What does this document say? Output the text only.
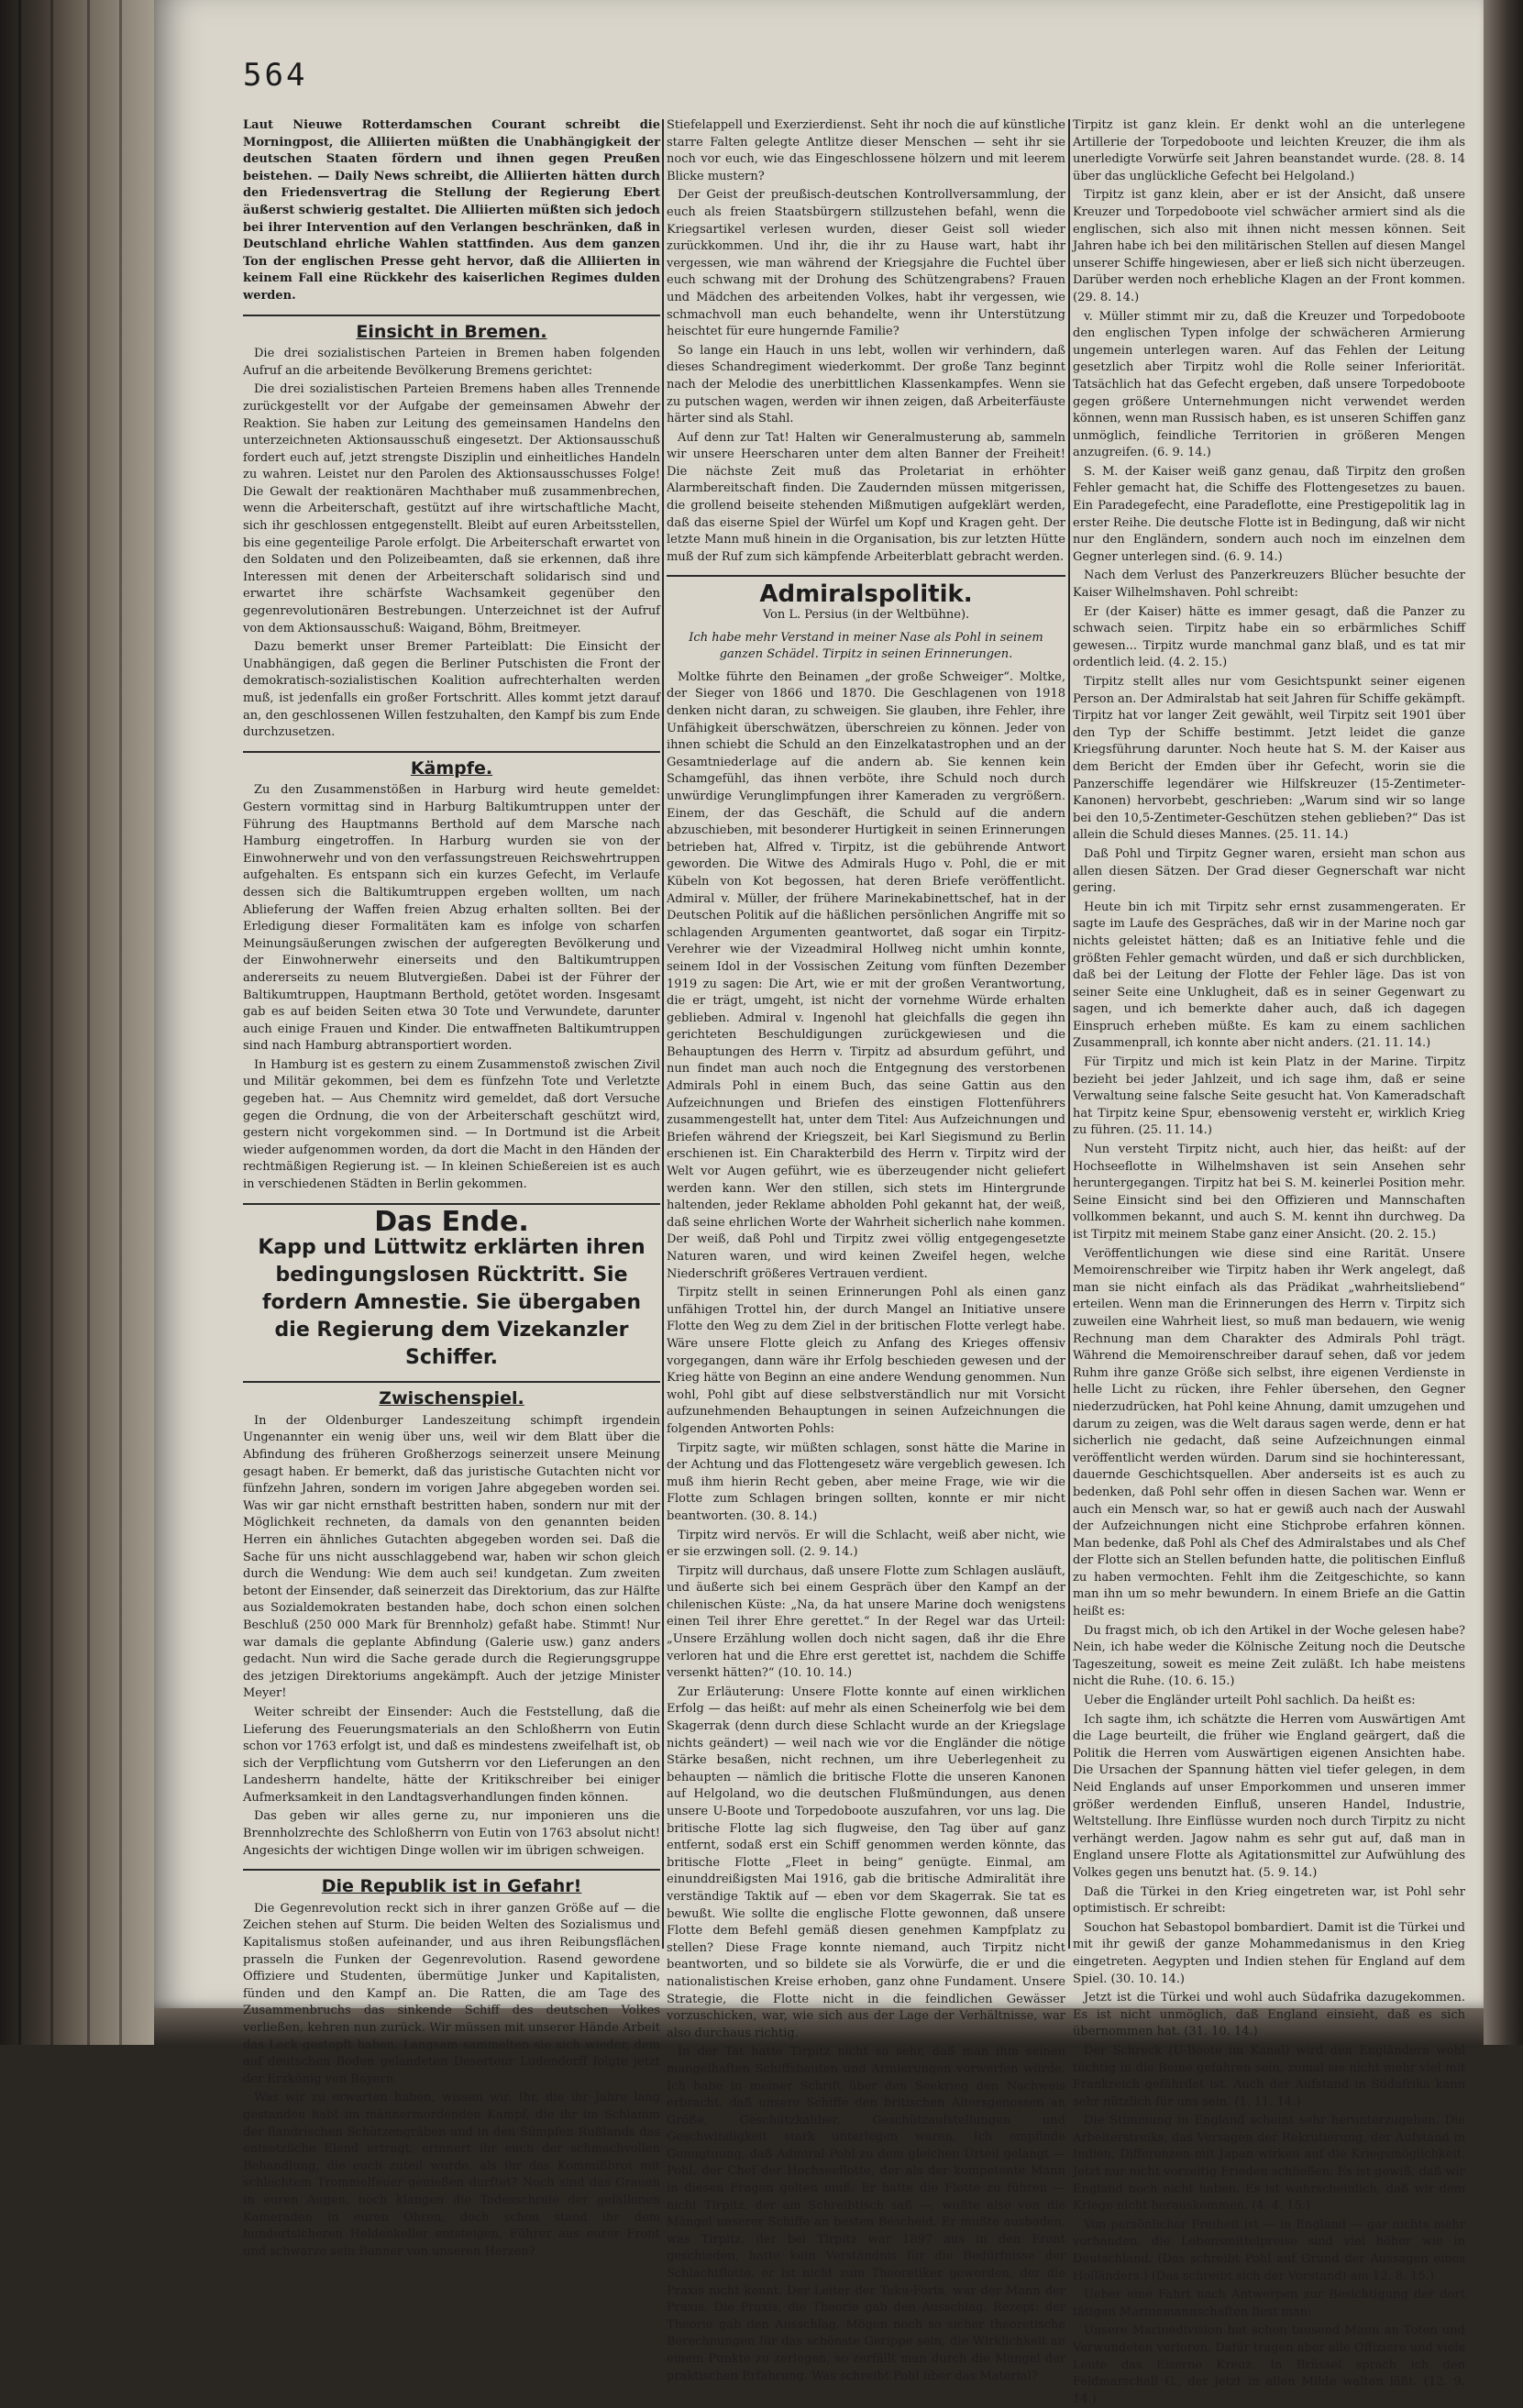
564

Laut Nieuwe Rotterdamschen Courant schreibt die Morningpost, die Alliierten müßten die Unabhängigkeit der deutschen Staaten fördern und ihnen gegen Preußen beistehen. — Daily News schreibt, die Alliierten hätten durch den Friedensvertrag die Stellung der Regierung Ebert äußerst schwierig gestaltet. Die Alliierten müßten sich jedoch bei ihrer Intervention auf den Verlangen beschränken, daß in Deutschland ehrliche Wahlen stattfinden. Aus dem ganzen Ton der englischen Presse geht hervor, daß die Alliierten in keinem Fall eine Rückkehr des kaiserlichen Regimes dulden werden.

Einsicht in Bremen.

Die drei sozialistischen Parteien in Bremen haben folgenden Aufruf an die arbeitende Bevölkerung Bremens gerichtet:

Die drei sozialistischen Parteien Bremens haben alles Trennende zurückgestellt vor der Aufgabe der gemeinsamen Abwehr der Reaktion. Sie haben zur Leitung des gemeinsamen Handelns den unterzeichneten Aktionsausschuß eingesetzt. Der Aktionsausschuß fordert euch auf, jetzt strengste Disziplin und einheitliches Handeln zu wahren. Leistet nur den Parolen des Aktionsausschusses Folge! Die Gewalt der reaktionären Machthaber muß zusammenbrechen, wenn die Arbeiterschaft, gestützt auf ihre wirtschaftliche Macht, sich ihr geschlossen entgegenstellt. Bleibt auf euren Arbeitsstellen, bis eine gegenteilige Parole erfolgt. Die Arbeiterschaft erwartet von den Soldaten und den Polizeibeamten, daß sie erkennen, daß ihre Interessen mit denen der Arbeiterschaft solidarisch sind und erwartet ihre schärfste Wachsamkeit gegenüber den gegenrevolutionären Bestrebungen. Unterzeichnet ist der Aufruf von dem Aktionsausschuß: Waigand, Böhm, Breitmeyer.

Dazu bemerkt unser Bremer Parteiblatt: Die Einsicht der Unabhängigen, daß gegen die Berliner Putschisten die Front der demokratisch-sozialistischen Koalition aufrechterhalten werden muß, ist jedenfalls ein großer Fortschritt. Alles kommt jetzt darauf an, den geschlossenen Willen festzuhalten, den Kampf bis zum Ende durchzusetzen.

Kämpfe.

Zu den Zusammenstößen in Harburg wird heute gemeldet: Gestern vormittag sind in Harburg Baltikumtruppen unter der Führung des Hauptmanns Berthold auf dem Marsche nach Hamburg eingetroffen. In Harburg wurden sie von der Einwohnerwehr und von den verfassungstreuen Reichswehrtruppen aufgehalten. Es entspann sich ein kurzes Gefecht, im Verlaufe dessen sich die Baltikumtruppen ergeben wollten, um nach Ablieferung der Waffen freien Abzug erhalten sollten. Bei der Erledigung dieser Formalitäten kam es infolge von scharfen Meinungsäußerungen zwischen der aufgeregten Bevölkerung und der Einwohnerwehr einerseits und den Baltikumtruppen andererseits zu neuem Blutvergießen. Dabei ist der Führer der Baltikumtruppen, Hauptmann Berthold, getötet worden. Insgesamt gab es auf beiden Seiten etwa 30 Tote und Verwundete, darunter auch einige Frauen und Kinder. Die entwaffneten Baltikumtruppen sind nach Hamburg abtransportiert worden.

In Hamburg ist es gestern zu einem Zusammenstoß zwischen Zivil und Militär gekommen, bei dem es fünfzehn Tote und Verletzte gegeben hat. — Aus Chemnitz wird gemeldet, daß dort Versuche gegen die Ordnung, die von der Arbeiterschaft geschützt wird, gestern nicht vorgekommen sind. — In Dortmund ist die Arbeit wieder aufgenommen worden, da dort die Macht in den Händen der rechtmäßigen Regierung ist. — In kleinen Schießereien ist es auch in verschiedenen Städten in Berlin gekommen.

Das Ende.
Kapp und Lüttwitz erklärten ihren bedingungslosen Rücktritt. Sie fordern Amnestie. Sie übergaben die Regierung dem Vizekanzler Schiffer.
Zwischenspiel.

In der Oldenburger Landeszeitung schimpft irgendein Ungenannter ein wenig über uns, weil wir dem Blatt über die Abfindung des früheren Großherzogs seinerzeit unsere Meinung gesagt haben. Er bemerkt, daß das juristische Gutachten nicht vor fünfzehn Jahren, sondern im vorigen Jahre abgegeben worden sei. Was wir gar nicht ernsthaft bestritten haben, sondern nur mit der Möglichkeit rechneten, da damals von den genannten beiden Herren ein ähnliches Gutachten abgegeben worden sei. Daß die Sache für uns nicht ausschlaggebend war, haben wir schon gleich durch die Wendung: Wie dem auch sei! kundgetan. Zum zweiten betont der Einsender, daß seinerzeit das Direktorium, das zur Hälfte aus Sozialdemokraten bestanden habe, doch schon einen solchen Beschluß (250 000 Mark für Brennholz) gefaßt habe. Stimmt! Nur war damals die geplante Abfindung (Galerie usw.) ganz anders gedacht. Nun wird die Sache gerade durch die Regierungsgruppe des jetzigen Direktoriums angekämpft. Auch der jetzige Minister Meyer!

Weiter schreibt der Einsender: Auch die Feststellung, daß die Lieferung des Feuerungsmaterials an den Schloßherrn von Eutin schon vor 1763 erfolgt ist, und daß es mindestens zweifelhaft ist, ob sich der Verpflichtung vom Gutsherrn vor den Lieferungen an den Landesherrn handelte, hätte der Kritikschreiber bei einiger Aufmerksamkeit in den Landtagsverhandlungen finden können.

Das geben wir alles gerne zu, nur imponieren uns die Brennholzrechte des Schloßherrn von Eutin von 1763 absolut nicht! Angesichts der wichtigen Dinge wollen wir im übrigen schweigen.

Die Republik ist in Gefahr!

Die Gegenrevolution reckt sich in ihrer ganzen Größe auf — die Zeichen stehen auf Sturm. Die beiden Welten des Sozialismus und Kapitalismus stoßen aufeinander, und aus ihren Reibungsflächen prasseln die Funken der Gegenrevolution. Rasend gewordene Offiziere und Studenten, übermütige Junker und Kapitalisten, fünden und den Kampf an. Die Ratten, die am Tage des Zusammenbruchs das sinkende Schiff des deutschen Volkes verließen, kehren nun zurück. Wir müssen mit unserer Hände Arbeit das Leck gestopft haben. Langsam sammelten sie sich wieder, dem auf deutschen Boden gelandeten Deserteur Ludendorff folgte jetzt der Erzkönig von Bayern.

Was wir zu erwarten haben, wissen wir. Ihr, die ihr Jahre lang gestanden habt im männermordenden Kampf, die ihr im Schlamm der flandrischen Schützengräben und in den Sümpfen Rußlands das entsetzliche Elend ertragt, erinnert ihr euch der schmachvollen Behandlung, die euch zuteil wurde, als ihr das Kommißbrot mit schlechtem Trommelfeuer genießen durftet? Noch sind das Grauen in euren Augen, noch klangen die Todesschreie der gefallenen Kameraden in euren Ohren, doch schon stand ihr dem hundertsicheren Heldenkeller entsteigen, Führer aus eurer Front und schwarze sein Banner von unseren Herzen?

Stiefelappell und Exerzierdienst. Seht ihr noch die auf künstliche starre Falten gelegte Antlitze dieser Menschen — seht ihr sie noch vor euch, wie das Eingeschlossene hölzern und mit leerem Blicke mustern?

Der Geist der preußisch-deutschen Kontrollversammlung, der euch als freien Staatsbürgern stillzustehen befahl, wenn die Kriegsartikel verlesen wurden, dieser Geist soll wieder zurückkommen. Und ihr, die ihr zu Hause wart, habt ihr vergessen, wie man während der Kriegsjahre die Fuchtel über euch schwang mit der Drohung des Schützengrabens? Frauen und Mädchen des arbeitenden Volkes, habt ihr vergessen, wie schmachvoll man euch behandelte, wenn ihr Unterstützung heischtet für eure hungernde Familie?

So lange ein Hauch in uns lebt, wollen wir verhindern, daß dieses Schandregiment wiederkommt. Der große Tanz beginnt nach der Melodie des unerbittlichen Klassenkampfes. Wenn sie zu putschen wagen, werden wir ihnen zeigen, daß Arbeiterfäuste härter sind als Stahl.

Auf denn zur Tat! Halten wir Generalmusterung ab, sammeln wir unsere Heerscharen unter dem alten Banner der Freiheit! Die nächste Zeit muß das Proletariat in erhöhter Alarmbereitschaft finden. Die Zaudernden müssen mitgerissen, die grollend beiseite stehenden Mißmutigen aufgeklärt werden, daß das eiserne Spiel der Würfel um Kopf und Kragen geht. Der letzte Mann muß hinein in die Organisation, bis zur letzten Hütte muß der Ruf zum sich kämpfende Arbeiterblatt gebracht werden.

Admiralspolitik.
Von L. Persius (in der Weltbühne).
Ich habe mehr Verstand in meiner Nase als Pohl in seinem ganzen Schädel. Tirpitz in seinen Erinnerungen.

Moltke führte den Beinamen „der große Schweiger“. Moltke, der Sieger von 1866 und 1870. Die Geschlagenen von 1918 denken nicht daran, zu schweigen. Sie glauben, ihre Fehler, ihre Unfähigkeit überschwätzen, überschreien zu können. Jeder von ihnen schiebt die Schuld an den Einzelkatastrophen und an der Gesamtniederlage auf die andern ab. Sie kennen kein Schamgefühl, das ihnen verböte, ihre Schuld noch durch unwürdige Verunglimpfungen ihrer Kameraden zu vergrößern. Einem, der das Geschäft, die Schuld auf die andern abzuschieben, mit besonderer Hurtigkeit in seinen Erinnerungen betrieben hat, Alfred v. Tirpitz, ist die gebührende Antwort geworden. Die Witwe des Admirals Hugo v. Pohl, die er mit Kübeln von Kot begossen, hat deren Briefe veröffentlicht. Admiral v. Müller, der frühere Marinekabinettschef, hat in der Deutschen Politik auf die häßlichen persönlichen Angriffe mit so schlagenden Argumenten geantwortet, daß sogar ein Tirpitz-Verehrer wie der Vizeadmiral Hollweg nicht umhin konnte, seinem Idol in der Vossischen Zeitung vom fünften Dezember 1919 zu sagen: Die Art, wie er mit der großen Verantwortung, die er trägt, umgeht, ist nicht der vornehme Würde erhalten geblieben. Admiral v. Ingenohl hat gleichfalls die gegen ihn gerichteten Beschuldigungen zurückgewiesen und die Behauptungen des Herrn v. Tirpitz ad absurdum geführt, und nun findet man auch noch die Entgegnung des verstorbenen Admirals Pohl in einem Buch, das seine Gattin aus den Aufzeichnungen und Briefen des einstigen Flottenführers zusammengestellt hat, unter dem Titel: Aus Aufzeichnungen und Briefen während der Kriegszeit, bei Karl Siegismund zu Berlin erschienen ist. Ein Charakterbild des Herrn v. Tirpitz wird der Welt vor Augen geführt, wie es überzeugender nicht geliefert werden kann. Wer den stillen, sich stets im Hintergrunde haltenden, jeder Reklame abholden Pohl gekannt hat, der weiß, daß seine ehrlichen Worte der Wahrheit sicherlich nahe kommen. Der weiß, daß Pohl und Tirpitz zwei völlig entgegengesetzte Naturen waren, und wird keinen Zweifel hegen, welche Niederschrift größeres Vertrauen verdient.

Tirpitz stellt in seinen Erinnerungen Pohl als einen ganz unfähigen Trottel hin, der durch Mangel an Initiative unsere Flotte den Weg zu dem Ziel in der britischen Flotte verlegt habe. Wäre unsere Flotte gleich zu Anfang des Krieges offensiv vorgegangen, dann wäre ihr Erfolg beschieden gewesen und der Krieg hätte von Beginn an eine andere Wendung genommen. Nun wohl, Pohl gibt auf diese selbstverständlich nur mit Vorsicht aufzunehmenden Behauptungen in seinen Aufzeichnungen die folgenden Antworten Pohls:

Tirpitz sagte, wir müßten schlagen, sonst hätte die Marine in der Achtung und das Flottengesetz wäre vergeblich gewesen. Ich muß ihm hierin Recht geben, aber meine Frage, wie wir die Flotte zum Schlagen bringen sollten, konnte er mir nicht beantworten. (30. 8. 14.)

Tirpitz wird nervös. Er will die Schlacht, weiß aber nicht, wie er sie erzwingen soll. (2. 9. 14.)

Tirpitz will durchaus, daß unsere Flotte zum Schlagen ausläuft, und äußerte sich bei einem Gespräch über den Kampf an der chilenischen Küste: „Na, da hat unsere Marine doch wenigstens einen Teil ihrer Ehre gerettet.“ In der Regel war das Urteil: „Unsere Erzählung wollen doch nicht sagen, daß ihr die Ehre verloren hat und die Ehre erst gerettet ist, nachdem die Schiffe versenkt hätten?“ (10. 10. 14.)

Zur Erläuterung: Unsere Flotte konnte auf einen wirklichen Erfolg — das heißt: auf mehr als einen Scheinerfolg wie bei dem Skagerrak (denn durch diese Schlacht wurde an der Kriegslage nichts geändert) — weil nach wie vor die Engländer die nötige Stärke besaßen, nicht rechnen, um ihre Ueberlegenheit zu behaupten — nämlich die britische Flotte die unseren Kanonen auf Helgoland, wo die deutschen Flußmündungen, aus denen unsere U-Boote und Torpedoboote auszufahren, vor uns lag. Die britische Flotte lag sich flugweise, den Tag über auf ganz entfernt, sodaß erst ein Schiff genommen werden könnte, das britische Flotte „Fleet in being“ genügte. Einmal, am einunddreißigsten Mai 1916, gab die britische Admiralität ihre verständige Taktik auf — eben vor dem Skagerrak. Sie tat es bewußt. Wie sollte die englische Flotte gewonnen, daß unsere Flotte dem Befehl gemäß diesen genehmen Kampfplatz zu stellen? Diese Frage konnte niemand, auch Tirpitz nicht beantworten, und so bildete sie als Vorwürfe, die er und die nationalistischen Kreise erhoben, ganz ohne Fundament. Unsere Strategie, die Flotte nicht in die feindlichen Gewässer vorzuschicken, war, wie sich aus der Lage der Verhältnisse, war also durchaus richtig.

In der Tat hatte Tirpitz nicht so sehr, daß man ihm seinen mangelhaften Schiffsbauten und Armierungen vorwerfen würde. Ich habe in meiner Schrift über den Seekrieg den Nachweis erbracht, daß unsere Schiffe den britischen Altersgenossen an Größe, Geschützkaliber, Geschützaufstellungen und Geschwindigkeit stark unterlegen waren. Ich empfinde Genugtuung, daß Admiral Pohl zu dem gleichen Urteil gelangt — Pohl, der Chef der Hochseeflotte, der als der kompetente Mann in diesen Fragen gelten muß. Er hatte die Flotte zu führen — nicht Tirpitz, der am Schreibtisch saß —, wußte also von die Mängel unserer Schiffe an besten Bescheid. Er mußte ausbaden, was Tirpitz, der bei Tirpitz war 1897 aus in den Front geschieden, hatte kein Verständnis für die Bedürfnisse der Schlachtflotte, er ist nicht zum Theoretiker geworden, der die Praxis nicht kennt. Der Leiter der Taku-Forts, war der Mann der Praxis. Die Praxis, die Theorie gab den Ausschlag. Rezept: der Theorie gab den Ausschlag. Mögen noch so sicher theoretische Berechnungen für das schönste Gerippe sein, die Wirklichkeit an einem Punkte zu zerlegen, so zerfällt man durch die Mangel der praktischen Erfahrung. Was schreibt Pohl über das Material?

Tirpitz ist ganz klein. Er denkt wohl an die unterlegene Artillerie der Torpedoboote und leichten Kreuzer, die ihm als unerledigte Vorwürfe seit Jahren beanstandet wurde. (28. 8. 14 über das unglückliche Gefecht bei Helgoland.)

Tirpitz ist ganz klein, aber er ist der Ansicht, daß unsere Kreuzer und Torpedoboote viel schwächer armiert sind als die englischen, sich also mit ihnen nicht messen können. Seit Jahren habe ich bei den militärischen Stellen auf diesen Mangel unserer Schiffe hingewiesen, aber er ließ sich nicht überzeugen. Darüber werden noch erhebliche Klagen an der Front kommen. (29. 8. 14.)

v. Müller stimmt mir zu, daß die Kreuzer und Torpedoboote den englischen Typen infolge der schwächeren Armierung ungemein unterlegen waren. Auf das Fehlen der Leitung gesetzlich aber Tirpitz wohl die Rolle seiner Inferiorität. Tatsächlich hat das Gefecht ergeben, daß unsere Torpedoboote gegen größere Unternehmungen nicht verwendet werden können, wenn man Russisch haben, es ist unseren Schiffen ganz unmöglich, feindliche Territorien in größeren Mengen anzugreifen. (6. 9. 14.)

S. M. der Kaiser weiß ganz genau, daß Tirpitz den großen Fehler gemacht hat, die Schiffe des Flottengesetzes zu bauen. Ein Paradegefecht, eine Paradeflotte, eine Prestigepolitik lag in erster Reihe. Die deutsche Flotte ist in Bedingung, daß wir nicht nur den Engländern, sondern auch noch im einzelnen dem Gegner unterlegen sind. (6. 9. 14.)

Nach dem Verlust des Panzerkreuzers Blücher besuchte der Kaiser Wilhelmshaven. Pohl schreibt:

Er (der Kaiser) hätte es immer gesagt, daß die Panzer zu schwach seien. Tirpitz habe ein so erbärmliches Schiff gewesen... Tirpitz wurde manchmal ganz blaß, und es tat mir ordentlich leid. (4. 2. 15.)

Tirpitz stellt alles nur vom Gesichtspunkt seiner eigenen Person an. Der Admiralstab hat seit Jahren für Schiffe gekämpft. Tirpitz hat vor langer Zeit gewählt, weil Tirpitz seit 1901 über den Typ der Schiffe bestimmt. Jetzt leidet die ganze Kriegsführung darunter. Noch heute hat S. M. der Kaiser aus dem Bericht der Emden über ihr Gefecht, worin sie die Panzerschiffe legendärer wie Hilfskreuzer (15-Zentimeter-Kanonen) hervorbebt, geschrieben: „Warum sind wir so lange bei den 10,5-Zentimeter-Geschützen stehen geblieben?“ Das ist allein die Schuld dieses Mannes. (25. 11. 14.)

Daß Pohl und Tirpitz Gegner waren, ersieht man schon aus allen diesen Sätzen. Der Grad dieser Gegnerschaft war nicht gering.

Heute bin ich mit Tirpitz sehr ernst zusammengeraten. Er sagte im Laufe des Gespräches, daß wir in der Marine noch gar nichts geleistet hätten; daß es an Initiative fehle und die größten Fehler gemacht würden, und daß er sich durchblicken, daß bei der Leitung der Flotte der Fehler läge. Das ist von seiner Seite eine Unklugheit, daß es in seiner Gegenwart zu sagen, und ich bemerkte daher auch, daß ich dagegen Einspruch erheben müßte. Es kam zu einem sachlichen Zusammenprall, ich konnte aber nicht anders. (21. 11. 14.)

Für Tirpitz und mich ist kein Platz in der Marine. Tirpitz bezieht bei jeder Jahlzeit, und ich sage ihm, daß er seine Verwaltung seine falsche Seite gesucht hat. Von Kameradschaft hat Tirpitz keine Spur, ebensowenig versteht er, wirklich Krieg zu führen. (25. 11. 14.)

Nun versteht Tirpitz nicht, auch hier, das heißt: auf der Hochseeflotte in Wilhelmshaven ist sein Ansehen sehr heruntergegangen. Tirpitz hat bei S. M. keinerlei Position mehr. Seine Einsicht sind bei den Offizieren und Mannschaften vollkommen bekannt, und auch S. M. kennt ihn durchweg. Da ist Tirpitz mit meinem Stabe ganz einer Ansicht. (20. 2. 15.)

Veröffentlichungen wie diese sind eine Rarität. Unsere Memoirenschreiber wie Tirpitz haben ihr Werk angelegt, daß man sie nicht einfach als das Prädikat „wahrheitsliebend“ erteilen. Wenn man die Erinnerungen des Herrn v. Tirpitz sich zuweilen eine Wahrheit liest, so muß man bedauern, wie wenig Rechnung man dem Charakter des Admirals Pohl trägt. Während die Memoirenschreiber darauf sehen, daß vor jedem Ruhm ihre ganze Größe sich selbst, ihre eigenen Verdienste in helle Licht zu rücken, ihre Fehler übersehen, den Gegner niederzudrücken, hat Pohl keine Ahnung, damit umzugehen und darum zu zeigen, was die Welt daraus sagen werde, denn er hat sicherlich nie gedacht, daß seine Aufzeichnungen einmal veröffentlicht werden würden. Darum sind sie hochinteressant, dauernde Geschichtsquellen. Aber anderseits ist es auch zu bedenken, daß Pohl sehr offen in diesen Sachen war. Wenn er auch ein Mensch war, so hat er gewiß auch nach der Auswahl der Aufzeichnungen nicht eine Stichprobe erfahren können. Man bedenke, daß Pohl als Chef des Admiralstabes und als Chef der Flotte sich an Stellen befunden hatte, die politischen Einfluß zu haben vermochten. Fehlt ihm die Zeitgeschichte, so kann man ihn um so mehr bewundern. In einem Briefe an die Gattin heißt es:

Du fragst mich, ob ich den Artikel in der Woche gelesen habe? Nein, ich habe weder die Kölnische Zeitung noch die Deutsche Tageszeitung, soweit es meine Zeit zuläßt. Ich habe meistens nicht die Ruhe. (10. 6. 15.)

Ueber die Engländer urteilt Pohl sachlich. Da heißt es:

Ich sagte ihm, ich schätzte die Herren vom Auswärtigen Amt die Lage beurteilt, die früher wie England geärgert, daß die Politik die Herren vom Auswärtigen eigenen Ansichten habe. Die Ursachen der Spannung hätten viel tiefer gelegen, in dem Neid Englands auf unser Emporkommen und unseren immer größer werdenden Einfluß, unseren Handel, Industrie, Weltstellung. Ihre Einflüsse wurden noch durch Tirpitz zu nicht verhängt werden. Jagow nahm es sehr gut auf, daß man in England unsere Flotte als Agitationsmittel zur Aufwühlung des Volkes gegen uns benutzt hat. (5. 9. 14.)

Daß die Türkei in den Krieg eingetreten war, ist Pohl sehr optimistisch. Er schreibt:

Souchon hat Sebastopol bombardiert. Damit ist die Türkei und mit ihr gewiß der ganze Mohammedanismus in den Krieg eingetreten. Aegypten und Indien stehen für England auf dem Spiel. (30. 10. 14.)

Jetzt ist die Türkei und wohl auch Südafrika dazugekommen. Es ist nicht unmöglich, daß England einsieht, daß es sich übernommen hat. (31. 10. 14.)

Der Schreck (U-Boote im Kanal) wird den Engländern wohl tüchtig in die Beine gefahren sein, zumal sie nicht mehr viel mit Frankreich gefährdet ist. Auch der Aufstand in Südafrika kann sehr nützlich für uns sein. (1. 11. 14.)

Die Stimmung in England scheint sehr herunterzugehen. Die Arbeiterstreiks, das Versagen der Rekrutierung, der Aufstand in Indien, Differenzen mit Japan wirken auf die Kriegsmöglichkeit. Jetzt nur nicht vorzeitig Frieden schließen. Es ist gewiß, daß wir England noch nicht haben. Es ist wahrscheinlich, daß wir dem Kriege nicht herauskommen. (4. 4. 15.)

Von persönlicher Freiheit ist — in England — gar nichts mehr vorhanden, die Lebensmittelpreise sind viel höher wie in Deutschland. (Das schreibt Pohl auf Grund der Aussagen eines Holländers.) (Das schreibt sich der Vorstand) am 12. 8. 15.)

Ueber eine Fahrt nach Antwerpen zur Besichtigung der dort tätigen Marinemannschaften liest man:

Unsere Marinedivision hat schon tausend Mann an Toten und Verwundeten verloren. Dafür tragen aber alle Offiziere und viele Leute das Eiserne Kreuz. In Brüssel sprach ich den Feldmarschall G., der jetzt in allen Milde walten läßt. (12. 9. 14.)
